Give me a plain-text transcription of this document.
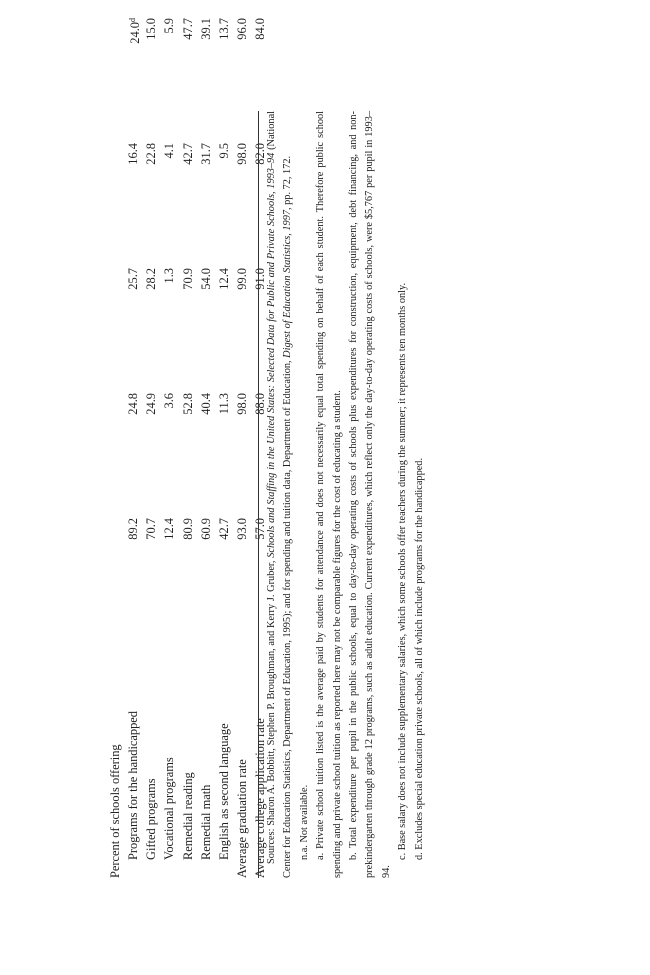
Percent of schools offering Programs for the handicapped
89.2
24.8
25.7
16.4
24.0$^d$
Gifted programs
70.7
24.9
28.2
22.8
15.0
Vocational programs
12.4
3.6
1.3
4.1
5.9
Remedial reading
80.9
52.8
70.9
42.7
47.7
Remedial math
60.9
40.4
54.0
31.7
39.1
English as second language
42.7
11.3
12.4
9.5
13.7
Average graduation rate
93.0
98.0
99.0
98.0
96.0
Average college application rate
57.0
88.0
91.0
82.0
84.0

Sources: Sharon A. Bobbitt, Stephen P. Broughman, and Kerry J. Gruber, Schools and Staffing in the United States: Selected Data for Public and Private Schools, 1993–94 (National Center for Education Statistics, Department of Education, 1995); and for spending and tuition data, Department of Education, Digest of Education Statistics, 1997, pp. 72, 172.

n.a. Not available. a. Private school tuition listed is the average paid by students for attendance and does not necessarily equal total spending on behalf of each student. Therefore public school spending and private school tuition as reported here may not be comparable figures for the cost of educating a student. b. Total expenditure per pupil in the public schools, equal to day-to-day operating costs of schools plus expenditures for construction, equipment, debt financing, and non-prekindergarten through grade 12 programs, such as adult education. Current expenditures, which reflect only the day-to-day operating costs of schools, were $5,767 per pupil in 1993–94.

c. Base salary does not include supplementary salaries, which some schools offer teachers during the summer; it represents ten months only. d. Excludes special education private schools, all of which include programs for the handicapped.
